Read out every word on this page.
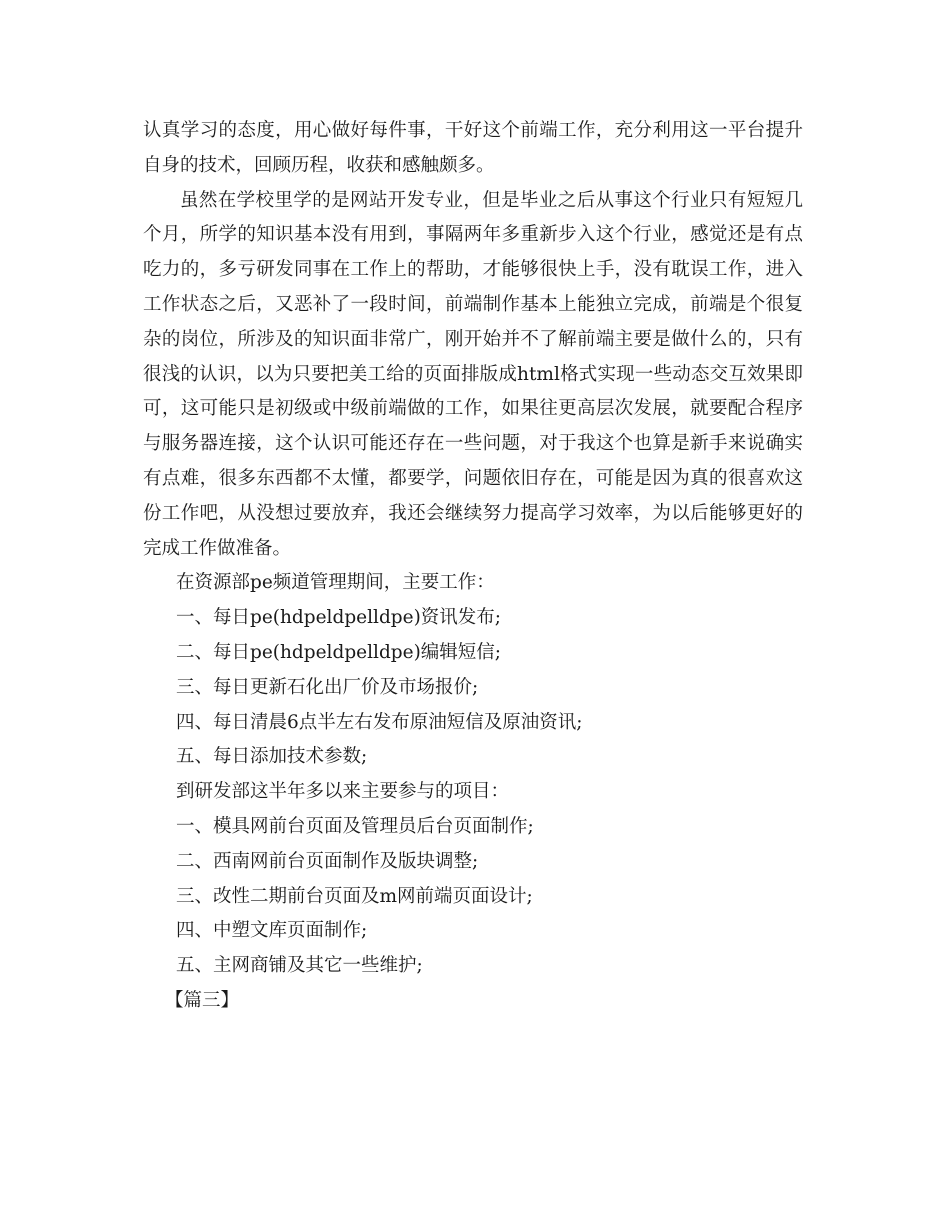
认真学习的态度，用心做好每件事，干好这个前端工作，充分利用这一平台提升自身的技术，回顾历程，收获和感触颇多。

虽然在学校里学的是网站开发专业，但是毕业之后从事这个行业只有短短几个月，所学的知识基本没有用到，事隔两年多重新步入这个行业，感觉还是有点吃力的，多亏研发同事在工作上的帮助，才能够很快上手，没有耽误工作，进入工作状态之后，又恶补了一段时间，前端制作基本上能独立完成，前端是个很复杂的岗位，所涉及的知识面非常广，刚开始并不了解前端主要是做什么的，只有很浅的认识，以为只要把美工给的页面排版成html格式实现一些动态交互效果即可，这可能只是初级或中级前端做的工作，如果往更高层次发展，就要配合程序与服务器连接，这个认识可能还存在一些问题，对于我这个也算是新手来说确实有点难，很多东西都不太懂，都要学，问题依旧存在，可能是因为真的很喜欢这份工作吧，从没想过要放弃，我还会继续努力提高学习效率，为以后能够更好的完成工作做准备。

在资源部pe频道管理期间，主要工作：

一、每日pe(hdpeldpelldpe)资讯发布;

二、每日pe(hdpeldpelldpe)编辑短信;

三、每日更新石化出厂价及市场报价;

四、每日清晨6点半左右发布原油短信及原油资讯;

五、每日添加技术参数;

到研发部这半年多以来主要参与的项目：

一、模具网前台页面及管理员后台页面制作;

二、西南网前台页面制作及版块调整;

三、改性二期前台页面及m网前端页面设计;

四、中塑文库页面制作;

五、主网商铺及其它一些维护;

【篇三】
